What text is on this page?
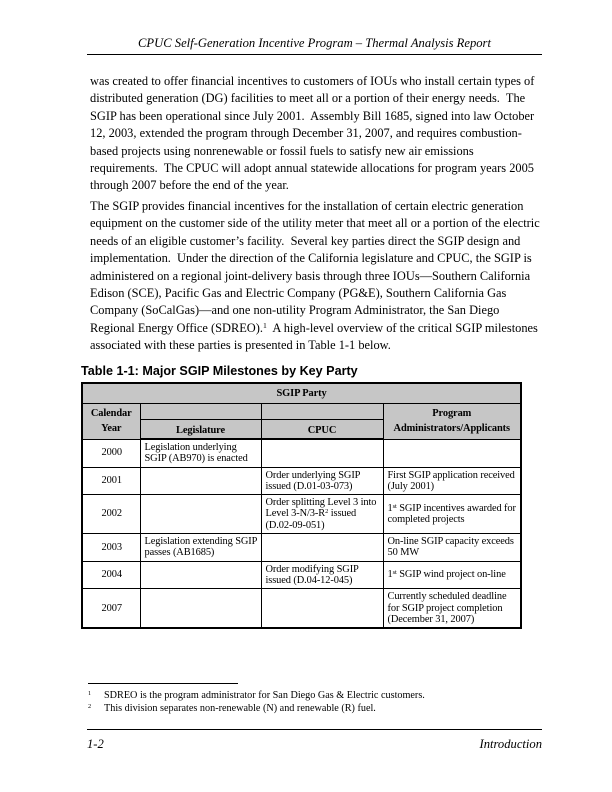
CPUC Self-Generation Incentive Program – Thermal Analysis Report

was created to offer financial incentives to customers of IOUs who install certain types of distributed generation (DG) facilities to meet all or a portion of their energy needs.  The SGIP has been operational since July 2001.  Assembly Bill 1685, signed into law October 12, 2003, extended the program through December 31, 2007, and requires combustion-based projects using nonrenewable or fossil fuels to satisfy new air emissions requirements.  The CPUC will adopt annual statewide allocations for program years 2005 through 2007 before the end of the year.

The SGIP provides financial incentives for the installation of certain electric generation equipment on the customer side of the utility meter that meet all or a portion of the electric needs of an eligible customer’s facility.  Several key parties direct the SGIP design and implementation.  Under the direction of the California legislature and CPUC, the SGIP is administered on a regional joint-delivery basis through three IOUs—Southern California Edison (SCE), Pacific Gas and Electric Company (PG&E), Southern California Gas Company (SoCalGas)—and one non-utility Program Administrator, the San Diego Regional Energy Office (SDREO).$^1$  A high-level overview of the critical SGIP milestones associated with these parties is presented in Table 1-1 below.

Table 1-1: Major SGIP Milestones by Key Party
SGIP Party			
Calendar Year			Program Administrators/Applicants
	Legislature	CPUC	
2000	Legislation underlying SGIP (AB970) is enacted		
2001		Order underlying SGIP issued (D.01-03-073)	First SGIP application received (July 2001)
2002		Order splitting Level 3 into Level $3-N/3-R^2$ issued (D.02-09-051)	1st SGIP incentives awarded for completed projects
2003	Legislation extending SGIP passes (AB1685)		On-line SGIP capacity exceeds 50 MW
2004		Order modifying SGIP issued (D.04-12-045)	1st SGIP wind project on-line
2007			Currently scheduled deadline for SGIP project completion (December 31, 2007)
$^1$	SDREO is the program administrator for San Diego Gas & Electric customers.
$^2$	This division separates non-renewable (N) and renewable (R) fuel.
1-2	Introduction
